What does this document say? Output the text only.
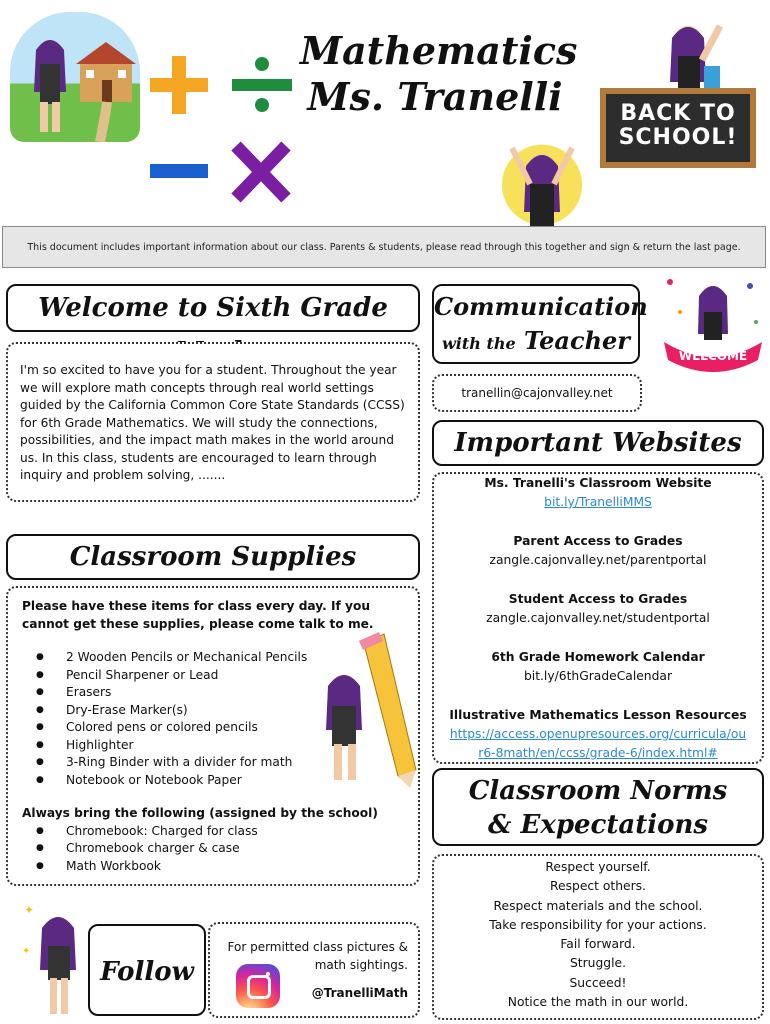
Mathematics
Ms. Tranelli	BACK TO
SCHOOL!
This document includes important information about our class. Parents & students, please read through this together and sign & return the last page.
Welcome to Sixth Grade
I'm so excited to have you for a student. Throughout the year we will explore math concepts through real world settings guided by the California Common Core State Standards (CCSS) for 6th Grade Mathematics. We will study the connections, possibilities, and the impact math makes in the world around us. In this class, students are encouraged to learn through inquiry and problem solving, .......
Communication
with the Teacher
tranellin@cajonvalley.net
WELCOME
Important Websites
Ms. Tranelli's Classroom Website
bit.ly/TranelliMMS
Parent Access to Grades
zangle.cajonvalley.net/parentportal
Student Access to Grades
zangle.cajonvalley.net/studentportal
6th Grade Homework Calendar
bit.ly/6thGradeCalendar
Illustrative Mathematics Lesson Resources
https://access.openupresources.org/curricula/ou
r6-8math/en/ccss/grade-6/index.html#
Classroom Supplies
Please have these items for class every day. If you cannot get these supplies, please come talk to me.
● 2 Wooden Pencils or Mechanical Pencils
● Pencil Sharpener or Lead
● Erasers
● Dry-Erase Marker(s)
● Colored pens or colored pencils
● Highlighter
● 3-Ring Binder with a divider for math
● Notebook or Notebook Paper
Always bring the following (assigned by the school)
● Chromebook: Charged for class
● Chromebook charger & case
● Math Workbook
Classroom Norms
& Expectations
Respect yourself.
Respect others.
Respect materials and the school.
Take responsibility for your actions.
Fail forward.
Struggle.
Succeed!
Notice the math in our world.
✦
✦
Follow
For permitted class pictures &
math sightings.
@TranelliMath
